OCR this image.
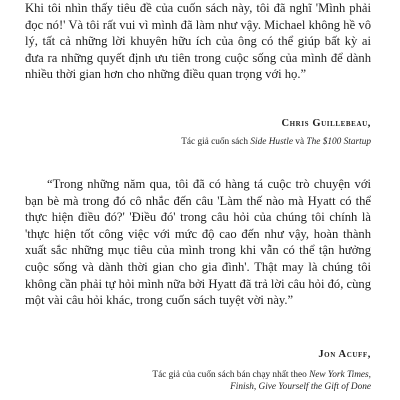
Khi tôi nhìn thấy tiêu đề của cuốn sách này, tôi đã nghĩ 'Mình phải đọc nó!' Và tôi rất vui vì mình đã làm như vậy. Michael không hề vô lý, tất cả những lời khuyên hữu ích của ông có thể giúp bất kỳ ai đưa ra những quyết định ưu tiên trong cuộc sống của mình để dành nhiều thời gian hơn cho những điều quan trọng với họ.”

Chris Guillebeau,

Tác giả cuốn sách Side Hustle và The $100 Startup

“Trong những năm qua, tôi đã có hàng tá cuộc trò chuyện với bạn bè mà trong đó cô nhắc đến câu 'Làm thế nào mà Hyatt có thể thực hiện điều đó?' 'Điều đó' trong câu hỏi của chúng tôi chính là 'thực hiện tốt công việc với mức độ cao đến như vậy, hoàn thành xuất sắc những mục tiêu của mình trong khi vẫn có thể tận hưởng cuộc sống và dành thời gian cho gia đình'. Thật may là chúng tôi không cần phải tự hỏi mình nữa bởi Hyatt đã trả lời câu hỏi đó, cùng một vài câu hỏi khác, trong cuốn sách tuyệt vời này.”

Jon Acuff,

Tác giả của cuốn sách bán chạy nhất theo New York Times,
Finish, Give Yourself the Gift of Done
